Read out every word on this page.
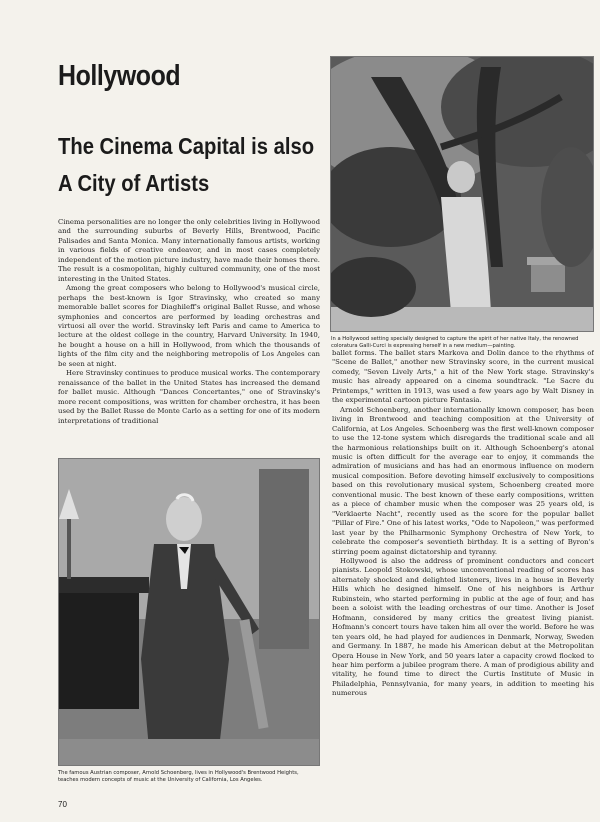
Hollywood
The Cinema Capital is also
A City of Artists

Cinema personalities are no longer the only celebrities living in Hollywood and the surrounding suburbs of Beverly Hills, Brentwood, Pacific Palisades and Santa Monica. Many internationally famous artists, working in various fields of creative endeavor, and in most cases completely independent of the motion picture industry, have made their homes there. The result is a cosmopolitan, highly cultured community, one of the most interesting in the United States.

Among the great composers who belong to Hollywood's musical circle, perhaps the best-known is Igor Stravinsky, who created so many memorable ballet scores for Diaghileff's original Ballet Russe, and whose symphonies and concertos are performed by leading orchestras and virtuosi all over the world. Stravinsky left Paris and came to America to lecture at the oldest college in the country, Harvard University. In 1940, he bought a house on a hill in Hollywood, from which the thousands of lights of the film city and the neighboring metropolis of Los Angeles can be seen at night.

Here Stravinsky continues to produce musical works. The contemporary renaissance of the ballet in the United States has increased the demand for ballet music. Although "Dances Concertantes," one of Stravinsky's more recent compositions, was written for chamber orchestra, it has been used by the Ballet Russe de Monte Carlo as a setting for one of its modern interpretations of traditional

In a Hollywood setting specially designed to capture the spirit of her native Italy, the renowned coloratura Galli-Curci is expressing herself in a new medium—painting.

ballet forms. The ballet stars Markova and Dolin dance to the rhythms of "Scene de Ballet," another new Stravinsky score, in the current musical comedy, "Seven Lively Arts," a hit of the New York stage. Stravinsky's music has already appeared on a cinema soundtrack. "Le Sacre du Printemps," written in 1913, was used a few years ago by Walt Disney in the experimental cartoon picture Fantasia.

Arnold Schoenberg, another internationally known composer, has been living in Brentwood and teaching composition at the University of California, at Los Angeles. Schoenberg was the first well-known composer to use the 12-tone system which disregards the traditional scale and all the harmonious relationships built on it. Although Schoenberg's atonal music is often difficult for the average ear to enjoy, it commands the admiration of musicians and has had an enormous influence on modern musical composition. Before devoting himself exclusively to compositions based on this revolutionary musical system, Schoenberg created more conventional music. The best known of these early compositions, written as a piece of chamber music when the composer was 25 years old, is "Verklaerte Nacht", recently used as the score for the popular ballet "Pillar of Fire." One of his latest works, "Ode to Napoleon," was performed last year by the Philharmonic Symphony Orchestra of New York, to celebrate the composer's seventieth birthday. It is a setting of Byron's stirring poem against dictatorship and tyranny.

Hollywood is also the address of prominent conductors and concert pianists. Leopold Stokowski, whose unconventional reading of scores has alternately shocked and delighted listeners, lives in a house in Beverly Hills which he designed himself. One of his neighbors is Arthur Rubinstein, who started performing in public at the age of four, and has been a soloist with the leading orchestras of our time. Another is Josef Hofmann, considered by many critics the greatest living pianist. Hofmann's concert tours have taken him all over the world. Before he was ten years old, he had played for audiences in Denmark, Norway, Sweden and Germany. In 1887, he made his American debut at the Metropolitan Opera House in New York, and 50 years later a capacity crowd flocked to hear him perform a jubilee program there. A man of prodigious ability and vitality, he found time to direct the Curtis Institute of Music in Philadelphia, Pennsylvania, for many years, in addition to meeting his numerous

The famous Austrian composer, Arnold Schoenberg, lives in Hollywood's Brentwood Heights, teaches modern concepts of music at the University of California, Los Angeles.
70
